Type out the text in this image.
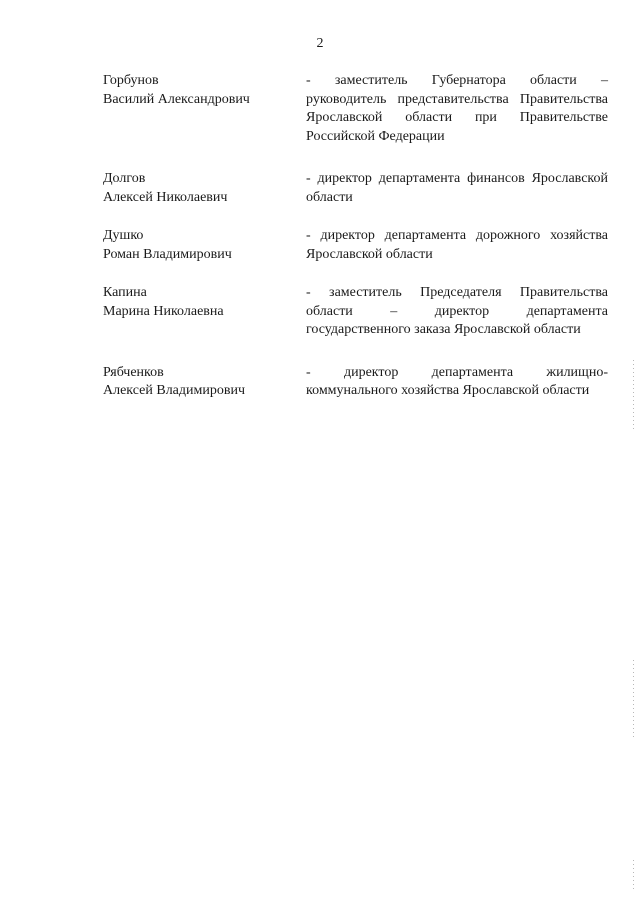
2
Горбунов
Василий Александрович
- заместитель Губернатора области – руководитель представительства Правительства Ярославской области при Правительстве Российской Федерации
Долгов
Алексей Николаевич
- директор департамента финансов Ярославской области
Душко
Роман Владимирович
- директор департамента дорожного хозяйства Ярославской области
Капина
Марина Николаевна
- заместитель Председателя Правительства области – директор департамента государственного заказа Ярославской области
Рябченков
Алексей Владимирович
- директор департамента жилищно-коммунального хозяйства Ярославской области
